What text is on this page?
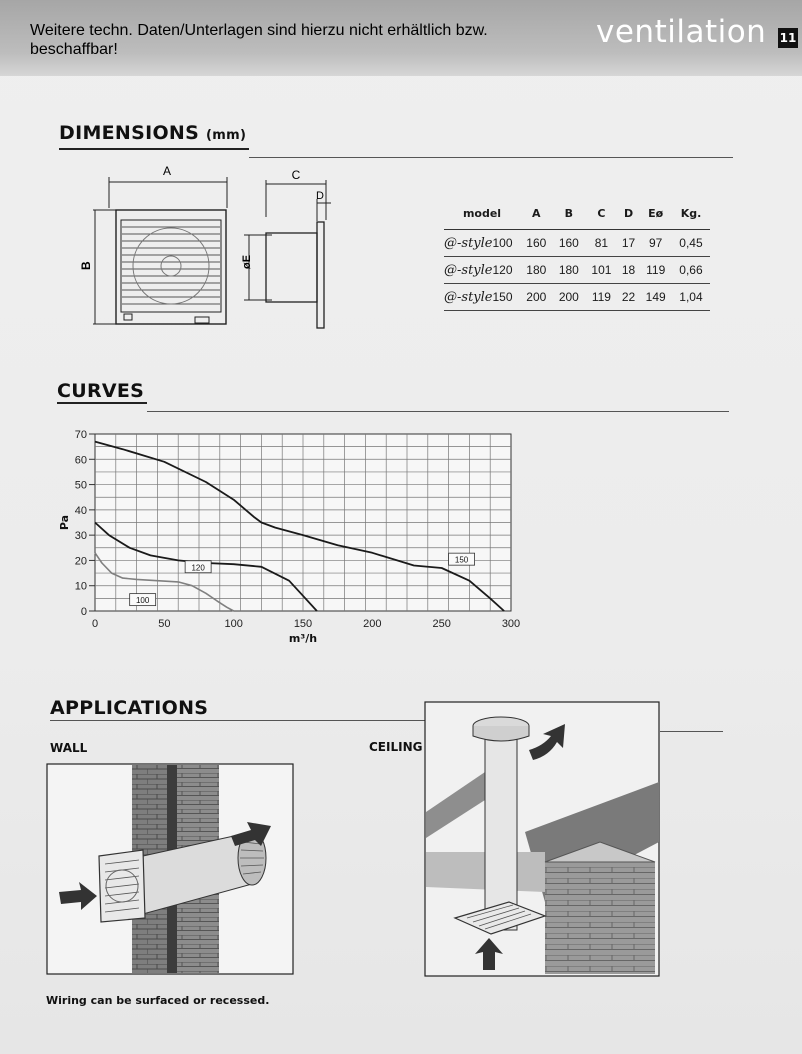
Weitere techn. Daten/Unterlagen sind hierzu nicht erhältlich bzw. beschaffbar!	ventilation 11
DIMENSIONS (mm)
A
B
C
D
øE
model	A	B	C	D	Eø	Kg.
@-style100	160	160	81	17	97	0,45
@-style120	180	180	101	18	119	0,66
@-style150	200	200	119	22	149	1,04
CURVES
0
10
20
30
40
50
60
70
0	50	100	150	200	250	300
m³/h
Pa
100
120
150
APPLICATIONS
WALL	CEILING
Wiring can be surfaced or recessed.
